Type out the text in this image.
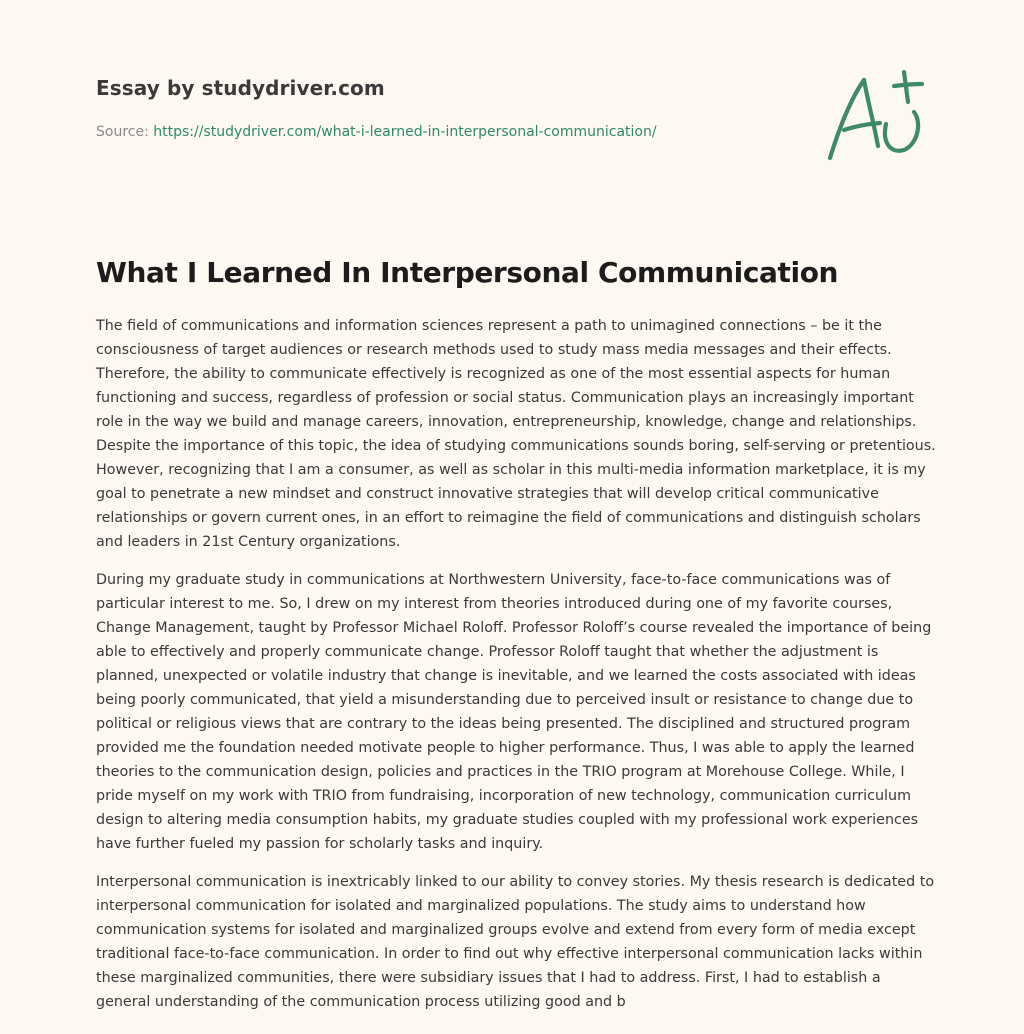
Essay by studydriver.com

Source: https://studydriver.com/what-i-learned-in-interpersonal-communication/

What I Learned In Interpersonal Communication

The field of communications and information sciences represent a path to unimagined connections – be it the consciousness of target audiences or research methods used to study mass media messages and their effects. Therefore, the ability to communicate effectively is recognized as one of the most essential aspects for human functioning and success, regardless of profession or social status. Communication plays an increasingly important role in the way we build and manage careers, innovation, entrepreneurship, knowledge, change and relationships. Despite the importance of this topic, the idea of studying communications sounds boring, self-serving or pretentious. However, recognizing that I am a consumer, as well as scholar in this multi-media information marketplace, it is my goal to penetrate a new mindset and construct innovative strategies that will develop critical communicative relationships or govern current ones, in an effort to reimagine the field of communications and distinguish scholars and leaders in 21st Century organizations.

During my graduate study in communications at Northwestern University, face-to-face communications was of particular interest to me. So, I drew on my interest from theories introduced during one of my favorite courses, Change Management, taught by Professor Michael Roloff. Professor Roloff’s course revealed the importance of being able to effectively and properly communicate change. Professor Roloff taught that whether the adjustment is planned, unexpected or volatile industry that change is inevitable, and we learned the costs associated with ideas being poorly communicated, that yield a misunderstanding due to perceived insult or resistance to change due to political or religious views that are contrary to the ideas being presented. The disciplined and structured program provided me the foundation needed motivate people to higher performance. Thus, I was able to apply the learned theories to the communication design, policies and practices in the TRIO program at Morehouse College. While, I pride myself on my work with TRIO from fundraising, incorporation of new technology, communication curriculum design to altering media consumption habits, my graduate studies coupled with my professional work experiences have further fueled my passion for scholarly tasks and inquiry.

Interpersonal communication is inextricably linked to our ability to convey stories. My thesis research is dedicated to interpersonal communication for isolated and marginalized populations. The study aims to understand how communication systems for isolated and marginalized groups evolve and extend from every form of media except traditional face-to-face communication. In order to find out why effective interpersonal communication lacks within these marginalized communities, there were subsidiary issues that I had to address. First, I had to establish a general understanding of the communication process utilizing good and b
